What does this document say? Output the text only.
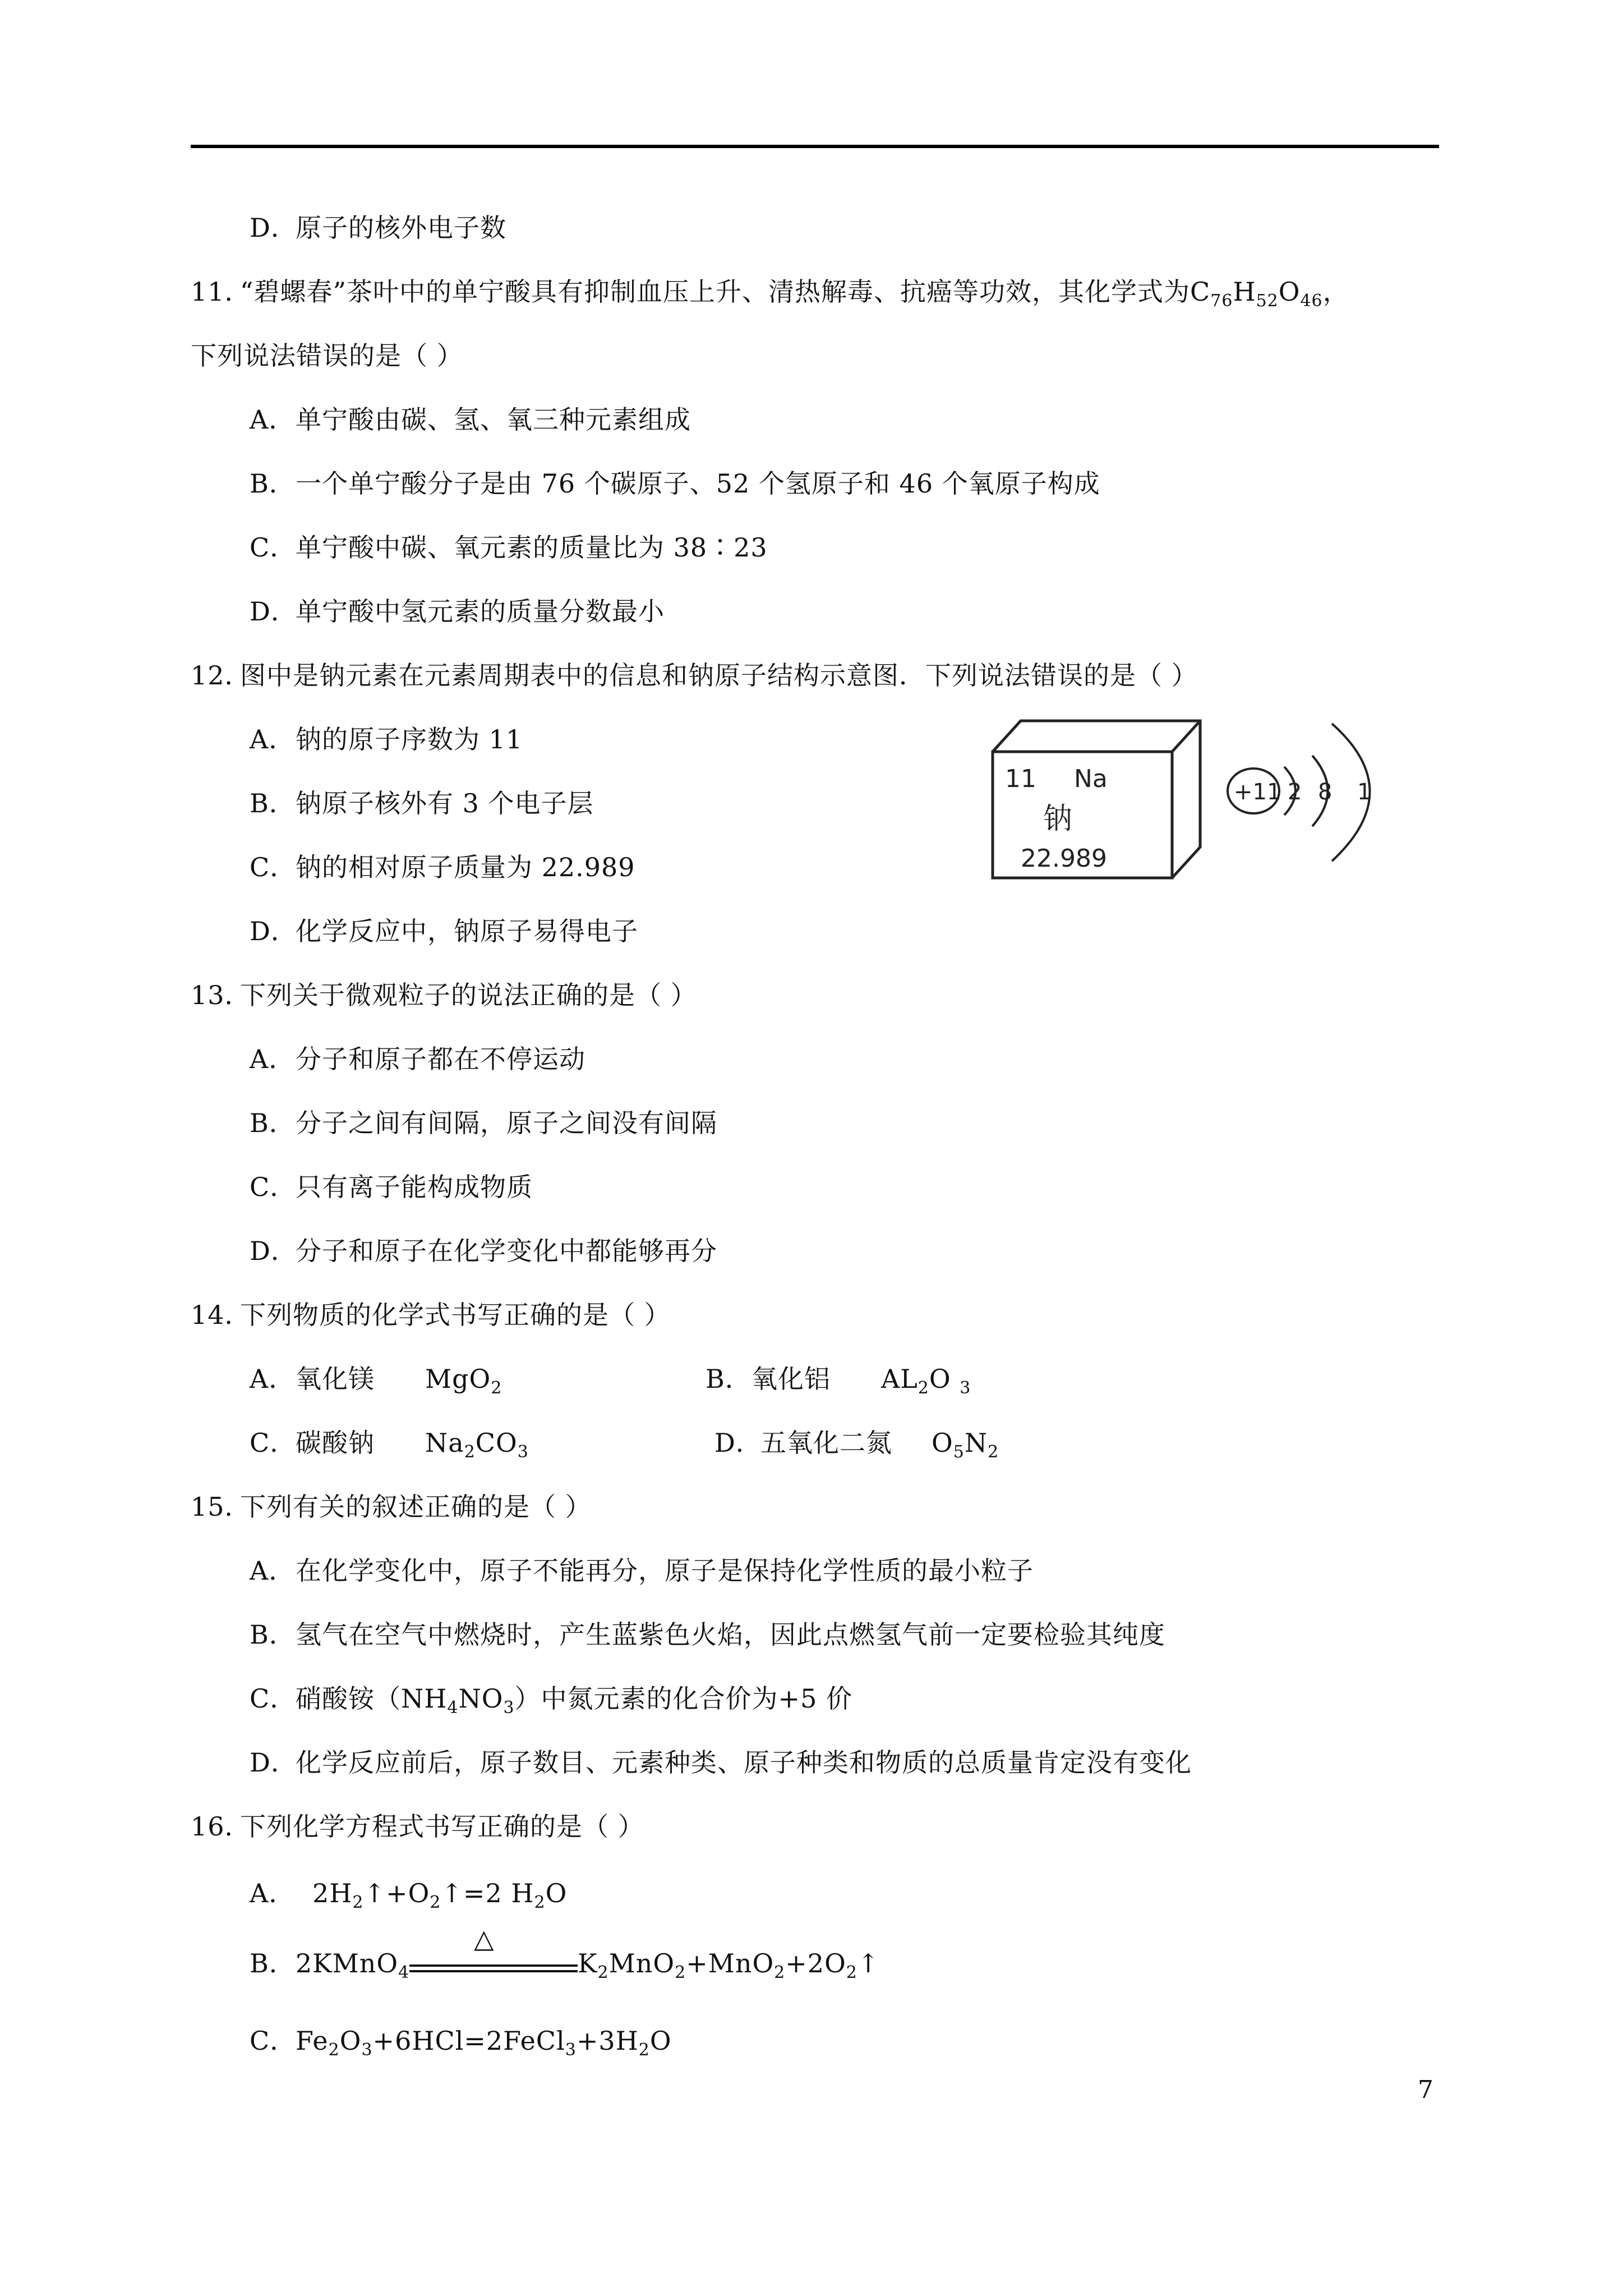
D．原子的核外电子数
11．“碧螺春”茶叶中的单宁酸具有抑制血压上升、清热解毒、抗癌等功效，其化学式为$C_{76}H_{52}O_{46}$，
下列说法错误的是（ ）
A．单宁酸由碳、氢、氧三种元素组成
B．一个单宁酸分子是由 76 个碳原子、52 个氢原子和 46 个氧原子构成
C．单宁酸中碳、氧元素的质量比为 38∶23
D．单宁酸中氢元素的质量分数最小
12．图中是钠元素在元素周期表中的信息和钠原子结构示意图．下列说法错误的是（ ）
A．钠的原子序数为 11
B．钠原子核外有 3 个电子层
C．钠的相对原子质量为 22.989
D．化学反应中，钠原子易得电子
11 Na
钠
22.989
+11 2 8 1
13．下列关于微观粒子的说法正确的是（ ）
A．分子和原子都在不停运动
B．分子之间有间隔，原子之间没有间隔
C．只有离子能构成物质
D．分子和原子在化学变化中都能够再分
14．下列物质的化学式书写正确的是（ ）
A．氧化镁 MgO$_2$	B．氧化铝 $AL_2O$ $_3$
C．碳酸钠 $Na_2CO_3$	D．五氧化二氮 $O_5N_2$
15．下列有关的叙述正确的是（ ）
A．在化学变化中，原子不能再分，原子是保持化学性质的最小粒子
B．氢气在空气中燃烧时，产生蓝紫色火焰，因此点燃氢气前一定要检验其纯度
C．硝酸铵$(NH_4NO_3)$中氮元素的化合价为+5 价
D．化学反应前后，原子数目、元素种类、原子种类和物质的总质量肯定没有变化
16．下列化学方程式书写正确的是（ ）
A． $2H_2↑+O_2↑=2$ $H_2O$
B．2KMnO$_4$
△
$K_2MnO_2+MnO_2+2O_2↑$
C．$Fe_2O_3+6HCl=2FeCl_3+3H_2O$
7
